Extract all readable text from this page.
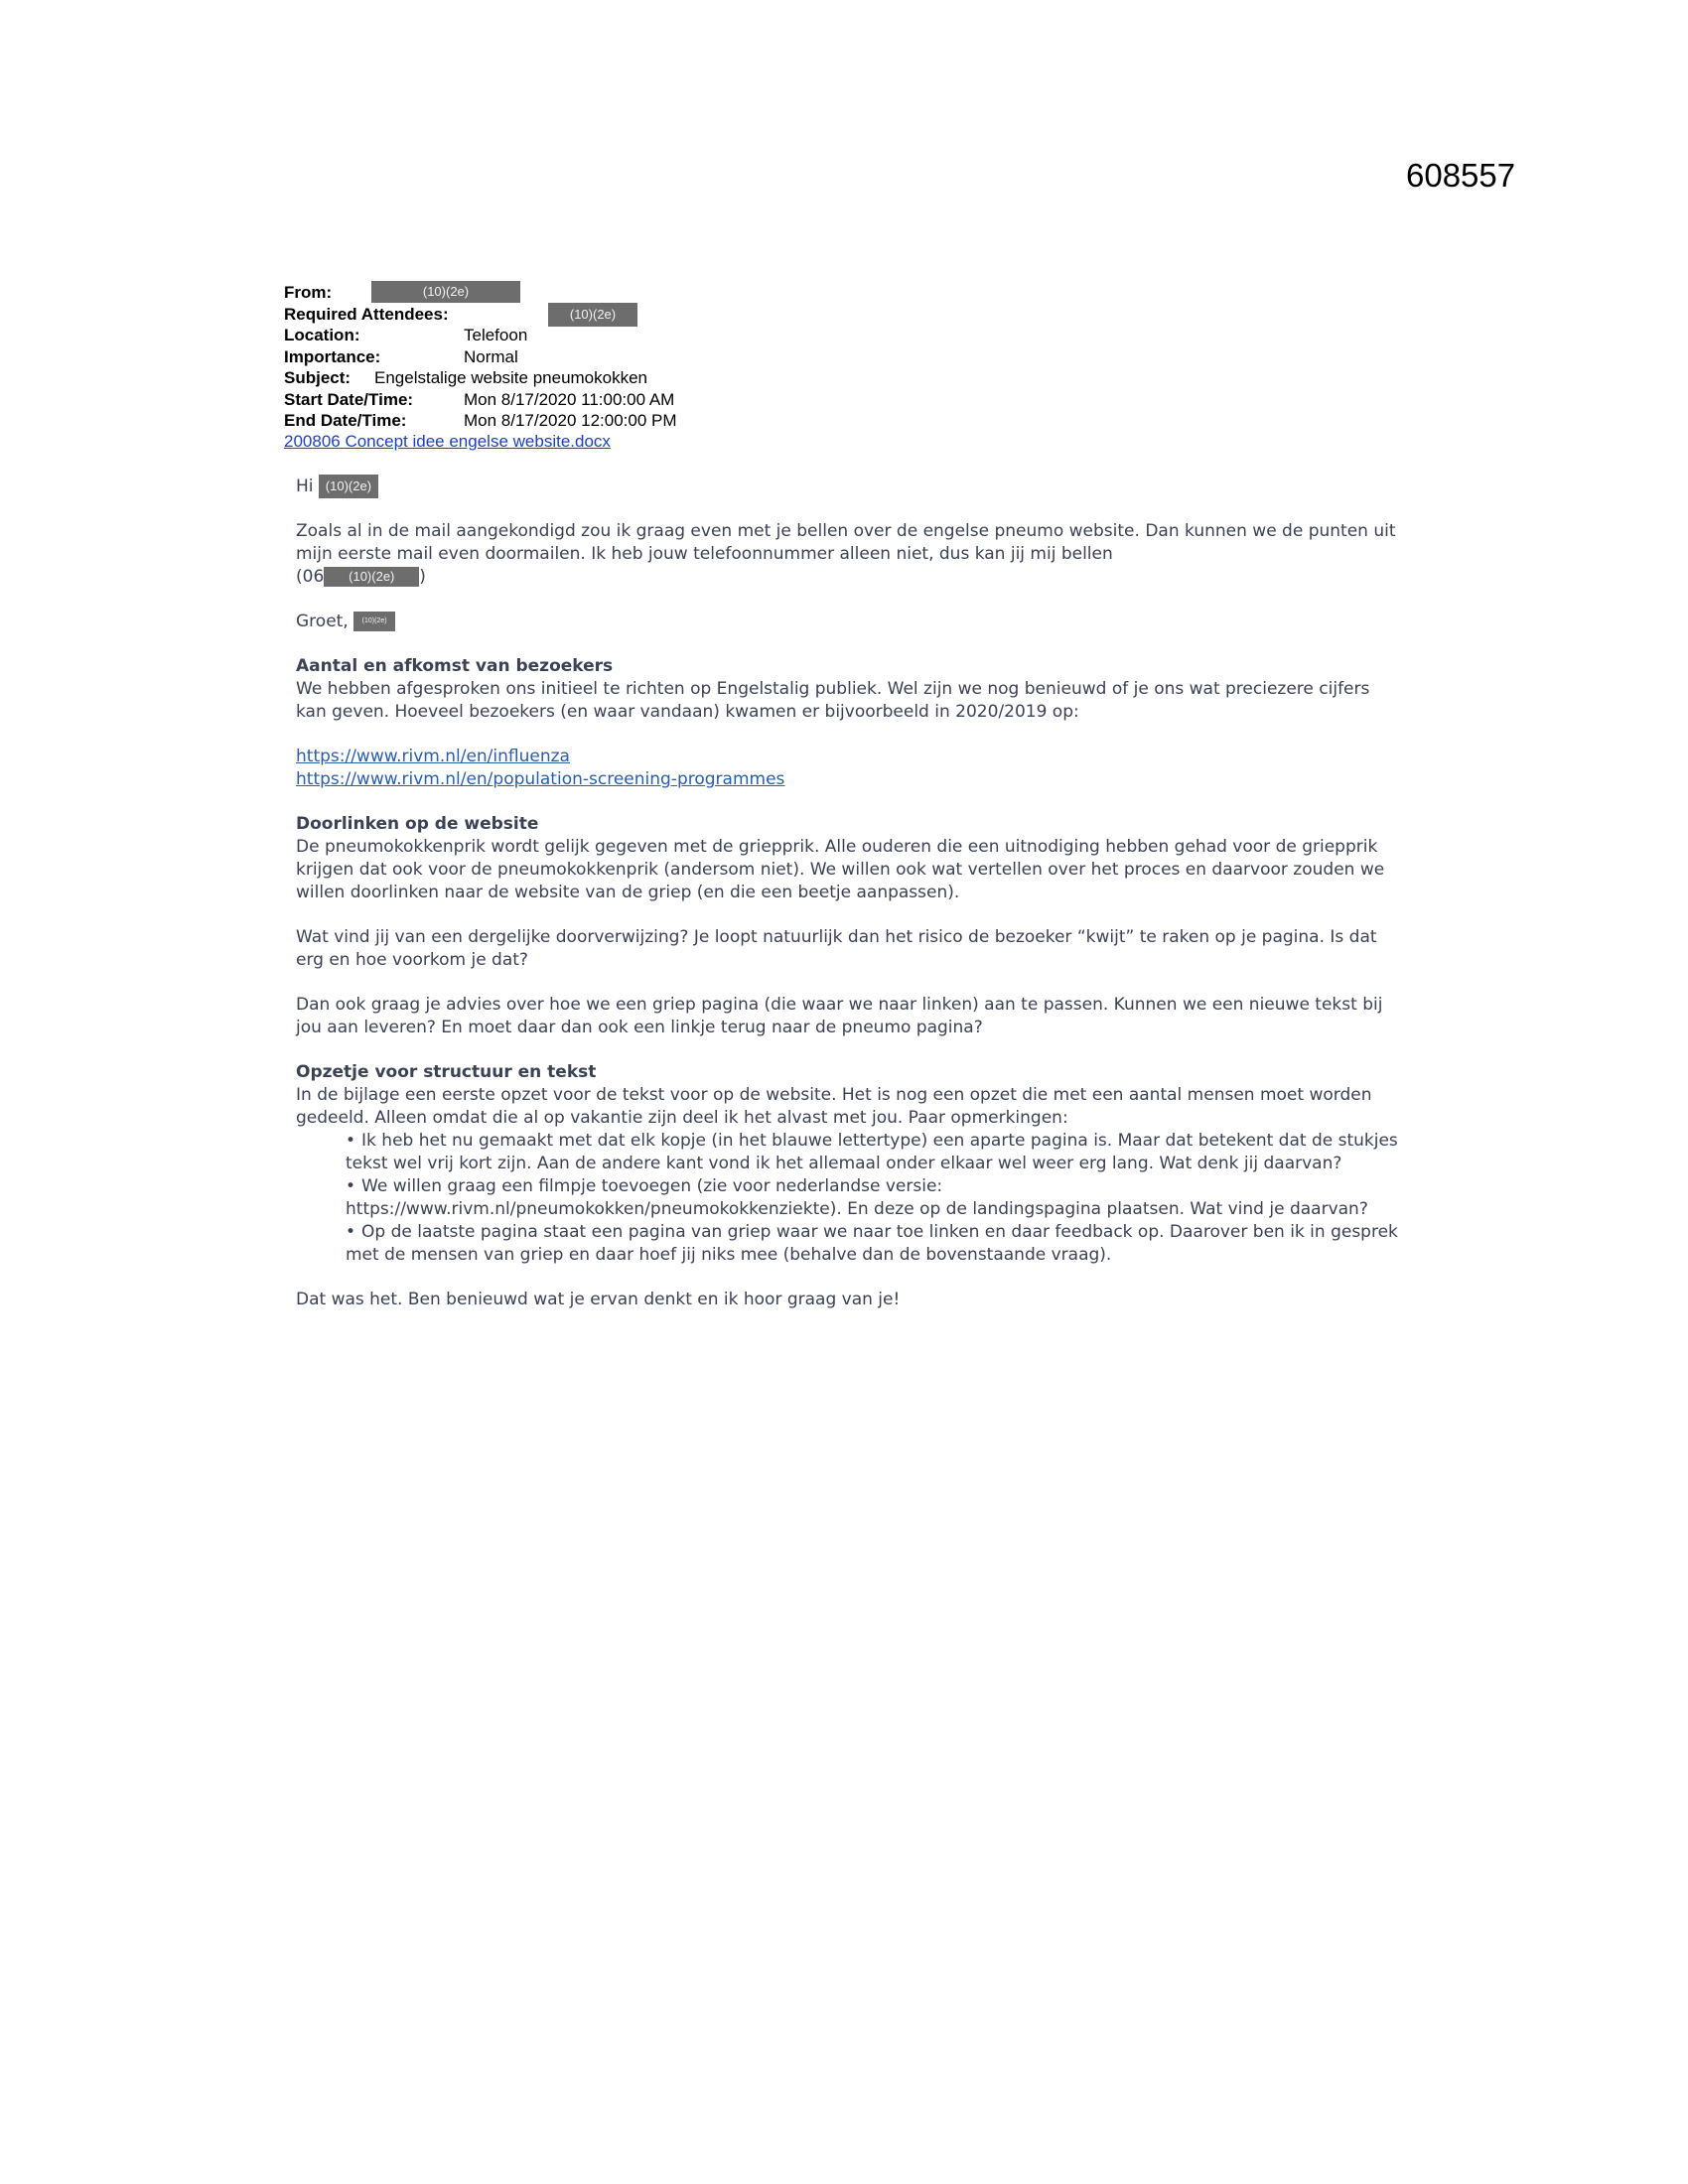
608557
From:	(10)(2e)
Required Attendees:	(10)(2e)
Location:	Telefoon
Importance:	Normal
Subject: Engelstalige website pneumokokken
Start Date/Time:	Mon 8/17/2020 11:00:00 AM
End Date/Time:	Mon 8/17/2020 12:00:00 PM
200806 Concept idee engelse website.docx

Hi (10)(2e)

Zoals al in de mail aangekondigd zou ik graag even met je bellen over de engelse pneumo website. Dan kunnen we de punten uit mijn eerste mail even doormailen. Ik heb jouw telefoonnummer alleen niet, dus kan jij mij bellen
(06 (10)(2e) )

Groet, (10)(2e)

Aantal en afkomst van bezoekers

We hebben afgesproken ons initieel te richten op Engelstalig publiek. Wel zijn we nog benieuwd of je ons wat preciezere cijfers kan geven. Hoeveel bezoekers (en waar vandaan) kwamen er bijvoorbeeld in 2020/2019 op:

https://www.rivm.nl/en/influenza
https://www.rivm.nl/en/population-screening-programmes
Doorlinken op de website

De pneumokokkenprik wordt gelijk gegeven met de griepprik. Alle ouderen die een uitnodiging hebben gehad voor de griepprik krijgen dat ook voor de pneumokokkenprik (andersom niet). We willen ook wat vertellen over het proces en daarvoor zouden we willen doorlinken naar de website van de griep (en die een beetje aanpassen).

Wat vind jij van een dergelijke doorverwijzing? Je loopt natuurlijk dan het risico de bezoeker “kwijt” te raken op je pagina. Is dat erg en hoe voorkom je dat?

Dan ook graag je advies over hoe we een griep pagina (die waar we naar linken) aan te passen. Kunnen we een nieuwe tekst bij jou aan leveren? En moet daar dan ook een linkje terug naar de pneumo pagina?

Opzetje voor structuur en tekst

In de bijlage een eerste opzet voor de tekst voor op de website. Het is nog een opzet die met een aantal mensen moet worden gedeeld. Alleen omdat die al op vakantie zijn deel ik het alvast met jou. Paar opmerkingen:

• Ik heb het nu gemaakt met dat elk kopje (in het blauwe lettertype) een aparte pagina is. Maar dat betekent dat de stukjes tekst wel vrij kort zijn. Aan de andere kant vond ik het allemaal onder elkaar wel weer erg lang. Wat denk jij daarvan?
• We willen graag een filmpje toevoegen (zie voor nederlandse versie: https://www.rivm.nl/pneumokokken/pneumokokkenziekte). En deze op de landingspagina plaatsen. Wat vind je daarvan?
• Op de laatste pagina staat een pagina van griep waar we naar toe linken en daar feedback op. Daarover ben ik in gesprek met de mensen van griep en daar hoef jij niks mee (behalve dan de bovenstaande vraag).

Dat was het. Ben benieuwd wat je ervan denkt en ik hoor graag van je!
